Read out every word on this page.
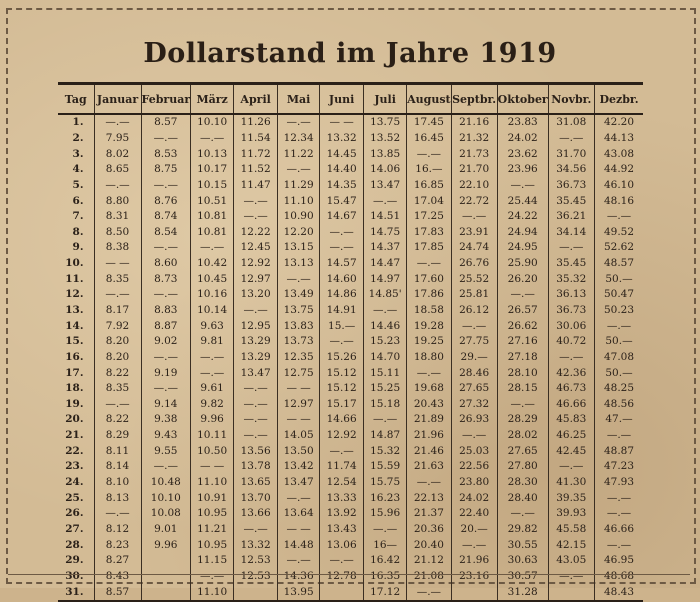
Dollarstand im Jahre 1919
Tag	Januar	Februar	März	April	Mai	Juni	Juli	August	Septbr.	Oktober	Novbr.	Dezbr.
1.	—.—	8.57	10.10	11.26	—.—	— —	13.75	17.45	21.16	23.83	31.08	42.20
2.	7.95	—.—	—.—	11.54	12.34	13.32	13.52	16.45	21.32	24.02	—.—	44.13
3.	8.02	8.53	10.13	11.72	11.22	14.45	13.85	—.—	21.73	23.62	31.70	43.08
4.	8.65	8.75	10.17	11.52	—.—	14.40	14.06	16.—	21.70	23.96	34.56	44.92
5.	—.—	—.—	10.15	11.47	11.29	14.35	13.47	16.85	22.10	—.—	36.73	46.10
6.	8.80	8.76	10.51	—.—	11.10	15.47	—.—	17.04	22.72	25.44	35.45	48.16
7.	8.31	8.74	10.81	—.—	10.90	14.67	14.51	17.25	—.—	24.22	36.21	—.—
8.	8.50	8.54	10.81	12.22	12.20	—.—	14.75	17.83	23.91	24.94	34.14	49.52
9.	8.38	—.—	—.—	12.45	13.15	—.—	14.37	17.85	24.74	24.95	—.—	52.62
10.	— —	8.60	10.42	12.92	13.13	14.57	14.47	—.—	26.76	25.90	35.45	48.57
11.	8.35	8.73	10.45	12.97	—.—	14.60	14.97	17.60	25.52	26.20	35.32	50.—
12.	—.—	—.—	10.16	13.20	13.49	14.86	14.85'	17.86	25.81	—.—	36.13	50.47
13.	8.17	8.83	10.14	—.—	13.75	14.91	—.—	18.58	26.12	26.57	36.73	50.23
14.	7.92	8.87	9.63	12.95	13.83	15.—	14.46	19.28	—.—	26.62	30.06	—.—
15.	8.20	9.02	9.81	13.29	13.73	—.—	15.23	19.25	27.75	27.16	40.72	50.—
16.	8.20	—.—	—.—	13.29	12.35	15.26	14.70	18.80	29.—	27.18	—.—	47.08
17.	8.22	9.19	—.—	13.47	12.75	15.12	15.11	—.—	28.46	28.10	42.36	50.—
18.	8.35	—.—	9.61	—.—	— —	15.12	15.25	19.68	27.65	28.15	46.73	48.25
19.	—.—	9.14	9.82	—.—	12.97	15.17	15.18	20.43	27.32	—.—	46.66	48.56
20.	8.22	9.38	9.96	—.—	— —	14.66	—.—	21.89	26.93	28.29	45.83	47.—
21.	8.29	9.43	10.11	—.—	14.05	12.92	14.87	21.96	—.—	28.02	46.25	—.—
22.	8.11	9.55	10.50	13.56	13.50	—.—	15.32	21.46	25.03	27.65	42.45	48.87
23.	8.14	—.—	— —	13.78	13.42	11.74	15.59	21.63	22.56	27.80	—.—	47.23
24.	8.10	10.48	11.10	13.65	13.47	12.54	15.75	—.—	23.80	28.30	41.30	47.93
25.	8.13	10.10	10.91	13.70	—.—	13.33	16.23	22.13	24.02	28.40	39.35	—.—
26.	—.—	10.08	10.95	13.66	13.64	13.92	15.96	21.37	22.40	—.—	39.93	—.—
27.	8.12	9.01	11.21	—.—	— —	13.43	—.—	20.36	20.—	29.82	45.58	46.66
28.	8.23	9.96	10.95	13.32	14.48	13.06	16—	20.40	—.—	30.55	42.15	—.—
29.	8.27		11.15	12.53	—.—	—.—	16.42	21.12	21.96	30.63	43.05	46.95
30.	8.43		—.—	12.53	14.36	12.78	16.35	21.08	23.16	30.57	—.—	48.68
31.	8.57		11.10		13.95		17.12	—.—		31.28		48.43
